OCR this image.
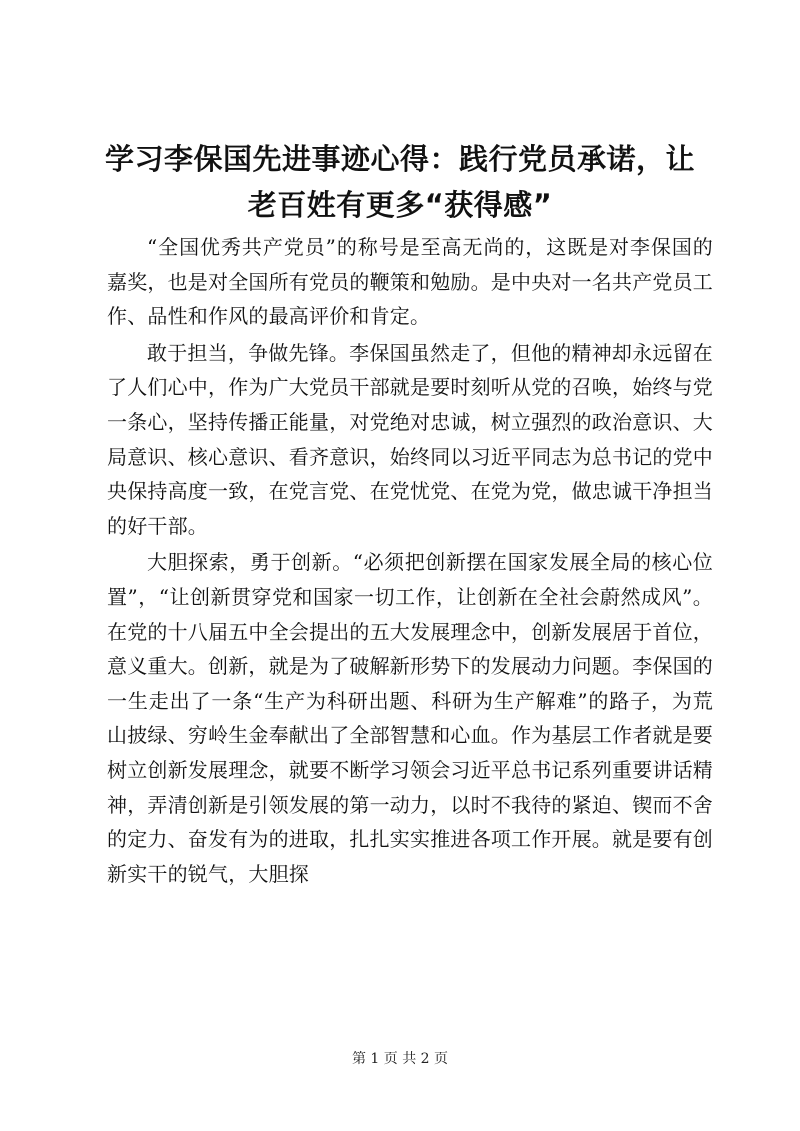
学习李保国先进事迹心得：践行党员承诺，让老百姓有更多“获得感”

“全国优秀共产党员”的称号是至高无尚的，这既是对李保国的嘉奖，也是对全国所有党员的鞭策和勉励。是中央对一名共产党员工作、品性和作风的最高评价和肯定。

敢于担当，争做先锋。李保国虽然走了，但他的精神却永远留在了人们心中，作为广大党员干部就是要时刻听从党的召唤，始终与党一条心，坚持传播正能量，对党绝对忠诚，树立强烈的政治意识、大局意识、核心意识、看齐意识，始终同以习近平同志为总书记的党中央保持高度一致，在党言党、在党忧党、在党为党，做忠诚干净担当的好干部。

大胆探索，勇于创新。“必须把创新摆在国家发展全局的核心位置”，“让创新贯穿党和国家一切工作，让创新在全社会蔚然成风”。在党的十八届五中全会提出的五大发展理念中，创新发展居于首位，意义重大。创新，就是为了破解新形势下的发展动力问题。李保国的一生走出了一条“生产为科研出题、科研为生产解难”的路子，为荒山披绿、穷岭生金奉献出了全部智慧和心血。作为基层工作者就是要树立创新发展理念，就要不断学习领会习近平总书记系列重要讲话精神，弄清创新是引领发展的第一动力，以时不我待的紧迫、锲而不舍的定力、奋发有为的进取，扎扎实实推进各项工作开展。就是要有创新实干的锐气，大胆探

第 1 页 共 2 页
